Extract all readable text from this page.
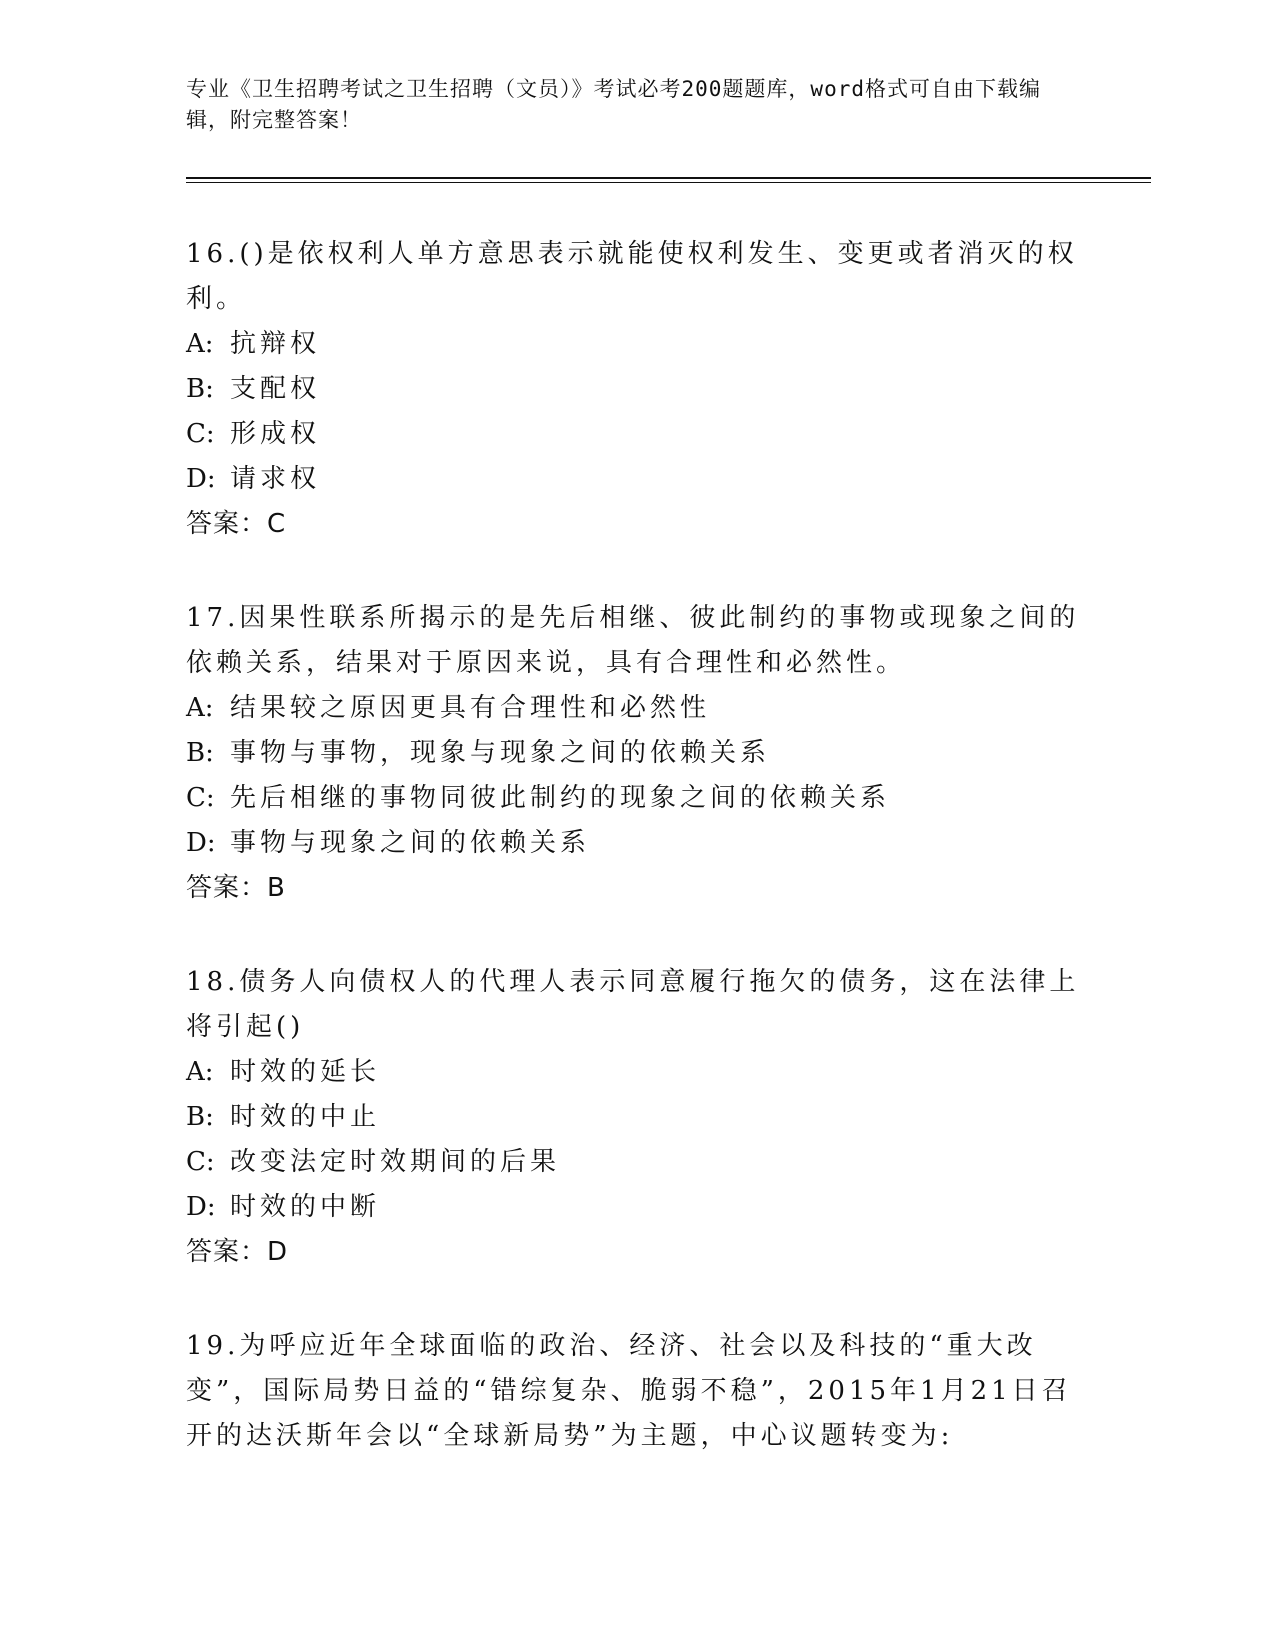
专业《卫生招聘考试之卫生招聘（文员）》考试必考200题题库，word格式可自由下载编辑，附完整答案！

16.()是依权利人单方意思表示就能使权利发生、变更或者消灭的权利。

A: 抗辩权

B: 支配权

C: 形成权

D: 请求权

答案：C

17.因果性联系所揭示的是先后相继、彼此制约的事物或现象之间的依赖关系，结果对于原因来说，具有合理性和必然性。

A: 结果较之原因更具有合理性和必然性

B: 事物与事物，现象与现象之间的依赖关系

C: 先后相继的事物同彼此制约的现象之间的依赖关系

D: 事物与现象之间的依赖关系

答案：B

18.债务人向债权人的代理人表示同意履行拖欠的债务，这在法律上将引起()

A: 时效的延长

B: 时效的中止

C: 改变法定时效期间的后果

D: 时效的中断

答案：D

19.为呼应近年全球面临的政治、经济、社会以及科技的“重大改变”，国际局势日益的“错综复杂、脆弱不稳”，2015年1月21日召开的达沃斯年会以“全球新局势”为主题，中心议题转变为:
